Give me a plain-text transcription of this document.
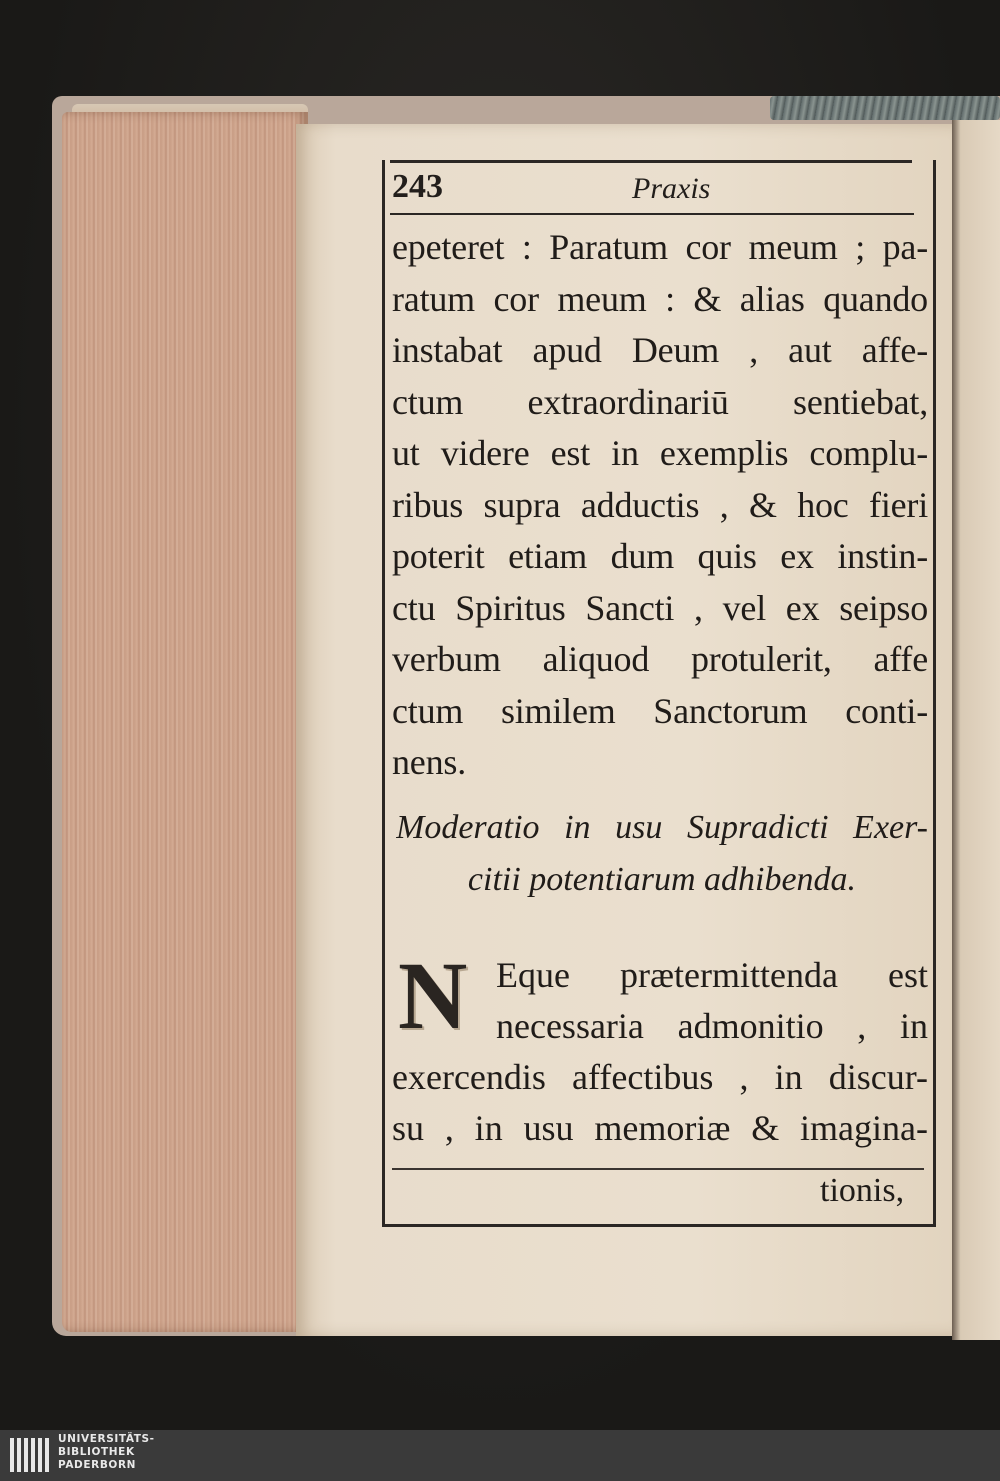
243	Praxis
epeteret : Paratum cor meum ; pa-
ratum cor meum : & alias quando
instabat apud Deum , aut affe-
ctum extraordinariū sentiebat,
ut videre est in exemplis complu-
ribus supra adductis , & hoc fieri
poterit etiam dum quis ex instin-
ctu Spiritus Sancti , vel ex seipso
verbum aliquod protulerit, affe
ctum similem Sanctorum conti-
nens.
Moderatio in usu Supradicti Exer-
citii potentiarum adhibenda.
N Eque prætermittenda est
necessaria admonitio , in
exercendis affectibus , in discur-
su , in usu memoriæ & imagina-
tionis,
UNIVERSITÄTS-
BIBLIOTHEK
PADERBORN
